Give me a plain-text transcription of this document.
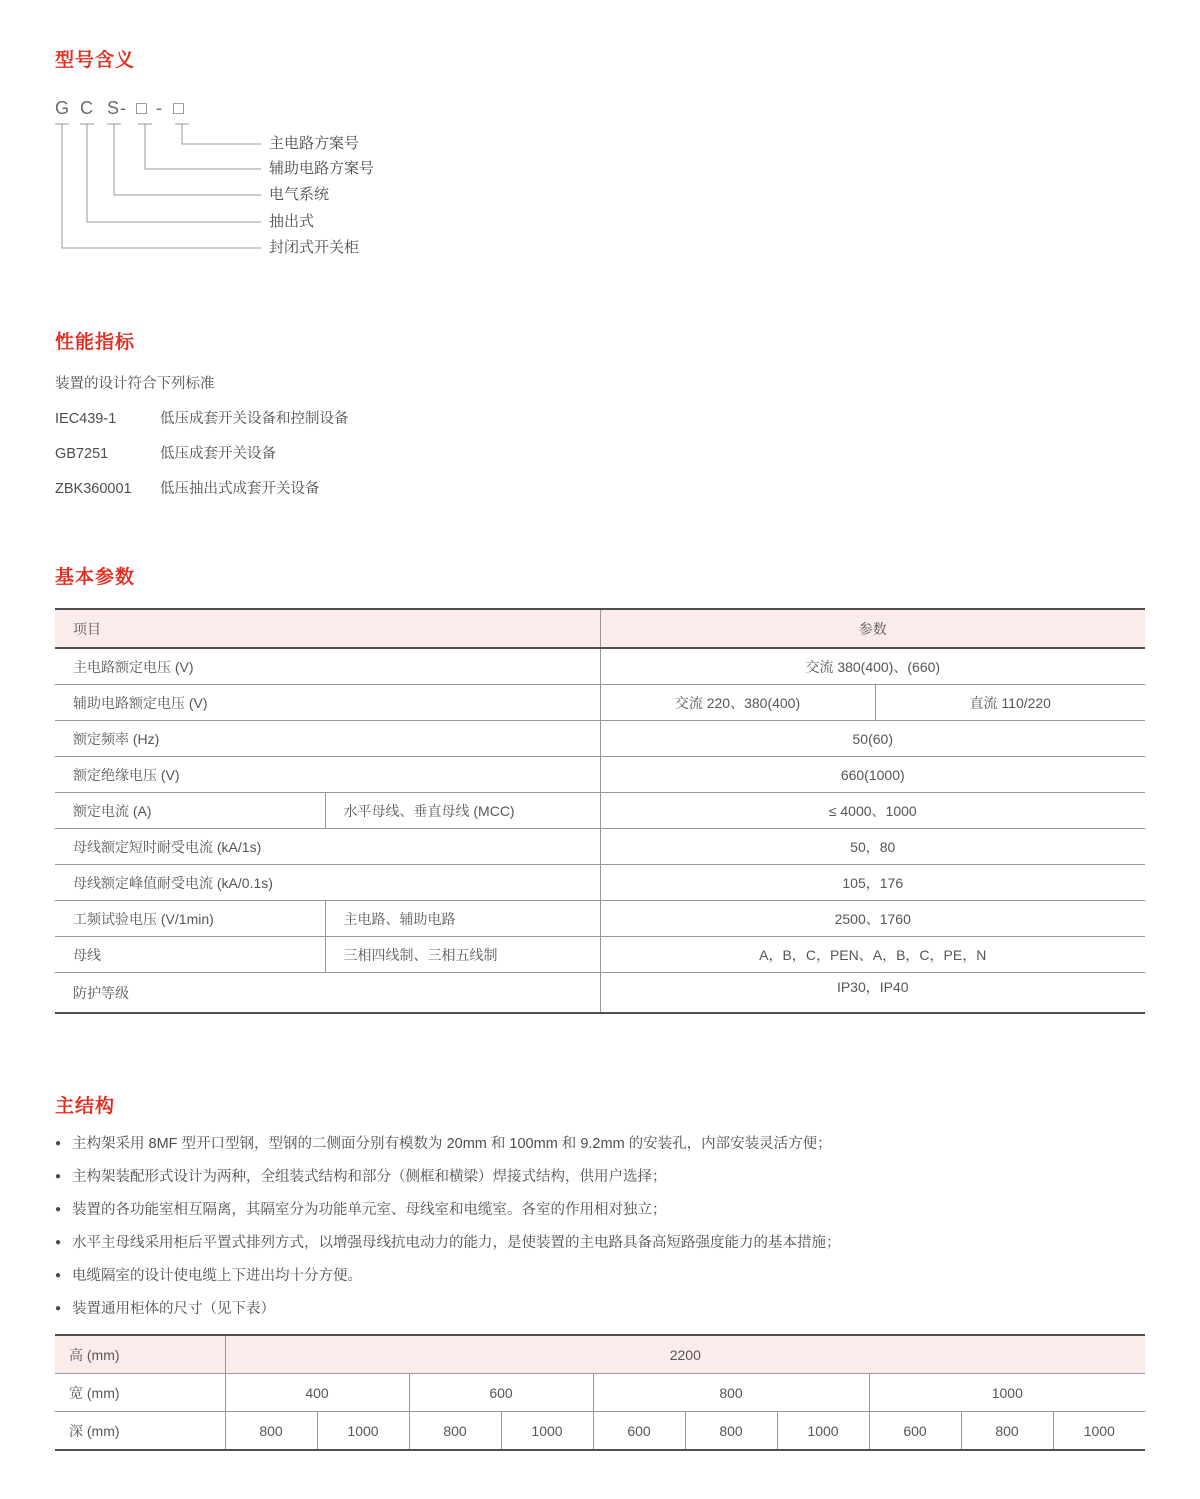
型号含义
G C S - □ - □
主电路方案号
辅助电路方案号
电气系统
抽出式
封闭式开关柜
性能指标

装置的设计符合下列标准

IEC439-1	低压成套开关设备和控制设备
GB7251	低压成套开关设备
ZBK360001	低压抽出式成套开关设备
基本参数
项目		参数	
主电路额定电压 (V)		交流 380(400)、(660)	
辅助电路额定电压 (V)		交流 220、380(400)	直流 110/220
额定频率 (Hz)		50(60)	
额定绝缘电压 (V)		660(1000)	
额定电流 (A)	水平母线、垂直母线 (MCC)	≤ 4000、1000	
母线额定短时耐受电流 (kA/1s)		50，80	
母线额定峰值耐受电流 (kA/0.1s)		105，176	
工频试验电压 (V/1min)	主电路、辅助电路	2500、1760	
母线	三相四线制、三相五线制	A，B，C，PEN、A，B，C，PE，N	
防护等级		IP30，IP40	
主结构
● 主构架采用 8MF 型开口型钢，型钢的二侧面分别有模数为 20mm 和 100mm 和 9.2mm 的安装孔，内部安装灵活方便；
● 主构架装配形式设计为两种，全组装式结构和部分（侧框和横梁）焊接式结构，供用户选择；
● 装置的各功能室相互隔离，其隔室分为功能单元室、母线室和电缆室。各室的作用相对独立；
● 水平主母线采用柜后平置式排列方式，以增强母线抗电动力的能力，是使装置的主电路具备高短路强度能力的基本措施；
● 电缆隔室的设计使电缆上下进出均十分方便。
● 装置通用柜体的尺寸（见下表）
高 (mm)	2200									
宽 (mm)	400		600		800			1000		
深 (mm)	800	1000	800	1000	600	800	1000	600	800	1000
